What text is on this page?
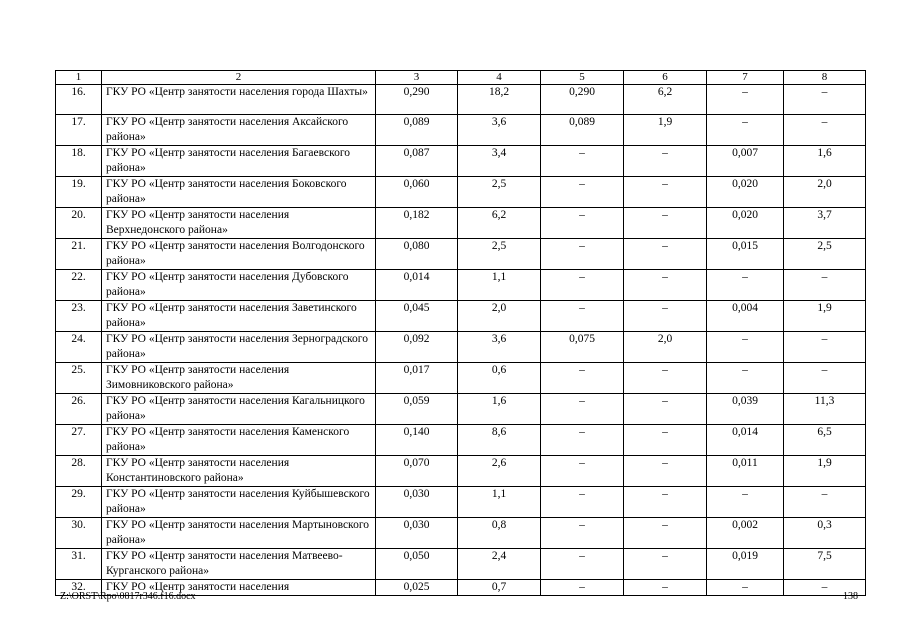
1	2	3	4	5	6	7	8
16.	ГКУ РО «Центр занятости населения города Шахты»	0,290	18,2	0,290	6,2	–	–
17.	ГКУ РО «Центр занятости населения Аксайского района»	0,089	3,6	0,089	1,9	–	–
18.	ГКУ РО «Центр занятости населения Багаевского района»	0,087	3,4	–	–	0,007	1,6
19.	ГКУ РО «Центр занятости населения Боковского района»	0,060	2,5	–	–	0,020	2,0
20.	ГКУ РО «Центр занятости населения Верхнедонского района»	0,182	6,2	–	–	0,020	3,7
21.	ГКУ РО «Центр занятости населения Волгодонского района»	0,080	2,5	–	–	0,015	2,5
22.	ГКУ РО «Центр занятости населения Дубовского района»	0,014	1,1	–	–	–	–
23.	ГКУ РО «Центр занятости населения Заветинского района»	0,045	2,0	–	–	0,004	1,9
24.	ГКУ РО «Центр занятости населения Зерноградского района»	0,092	3,6	0,075	2,0	–	–
25.	ГКУ РО «Центр занятости населения Зимовниковского района»	0,017	0,6	–	–	–	–
26.	ГКУ РО «Центр занятости населения Кагальницкого района»	0,059	1,6	–	–	0,039	11,3
27.	ГКУ РО «Центр занятости населения Каменского района»	0,140	8,6	–	–	0,014	6,5
28.	ГКУ РО «Центр занятости населения Константиновского района»	0,070	2,6	–	–	0,011	1,9
29.	ГКУ РО «Центр занятости населения Куйбышевского района»	0,030	1,1	–	–	–	–
30.	ГКУ РО «Центр занятости населения Мартыновского района»	0,030	0,8	–	–	0,002	0,3
31.	ГКУ РО «Центр занятости населения Матвеево-Курганского района»	0,050	2,4	–	–	0,019	7,5
32.	ГКУ РО «Центр занятости населения	0,025	0,7	–	–	–	–
Z:\ORST\Rpo\0817r346.f16.docx	138
